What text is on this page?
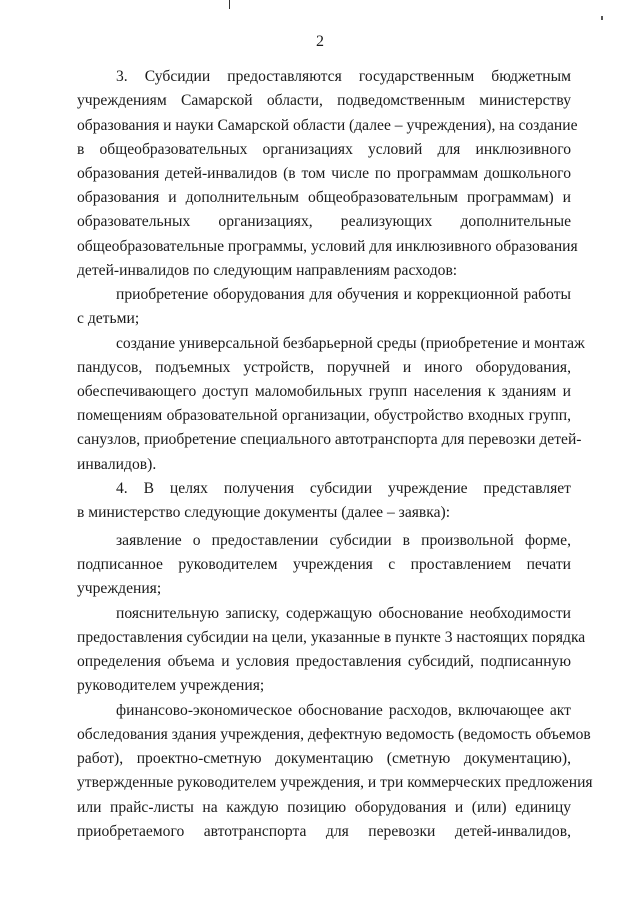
2
3. Субсидии предоставляются государственным бюджетным
учреждениям Самарской области, подведомственным министерству
образования и науки Самарской области (далее – учреждения), на создание
в общеобразовательных организациях условий для инклюзивного
образования детей-инвалидов (в том числе по программам дошкольного
образования и дополнительным общеобразовательным программам) и
образовательных организациях, реализующих дополнительные
общеобразовательные программы, условий для инклюзивного образования
детей-инвалидов по следующим направлениям расходов:
приобретение оборудования для обучения и коррекционной работы
с детьми;
создание универсальной безбарьерной среды (приобретение и монтаж
пандусов, подъемных устройств, поручней и иного оборудования,
обеспечивающего доступ маломобильных групп населения к зданиям и
помещениям образовательной организации, обустройство входных групп,
санузлов, приобретение специального автотранспорта для перевозки детей-
инвалидов).
4. В целях получения субсидии учреждение представляет
в министерство следующие документы (далее – заявка):
заявление о предоставлении субсидии в произвольной форме,
подписанное руководителем учреждения с проставлением печати
учреждения;
пояснительную записку, содержащую обоснование необходимости
предоставления субсидии на цели, указанные в пункте 3 настоящих порядка
определения объема и условия предоставления субсидий, подписанную
руководителем учреждения;
финансово-экономическое обоснование расходов, включающее акт
обследования здания учреждения, дефектную ведомость (ведомость объемов
работ), проектно-сметную документацию (сметную документацию),
утвержденные руководителем учреждения, и три коммерческих предложения
или прайс-листы на каждую позицию оборудования и (или) единицу
приобретаемого автотранспорта для перевозки детей-инвалидов,
